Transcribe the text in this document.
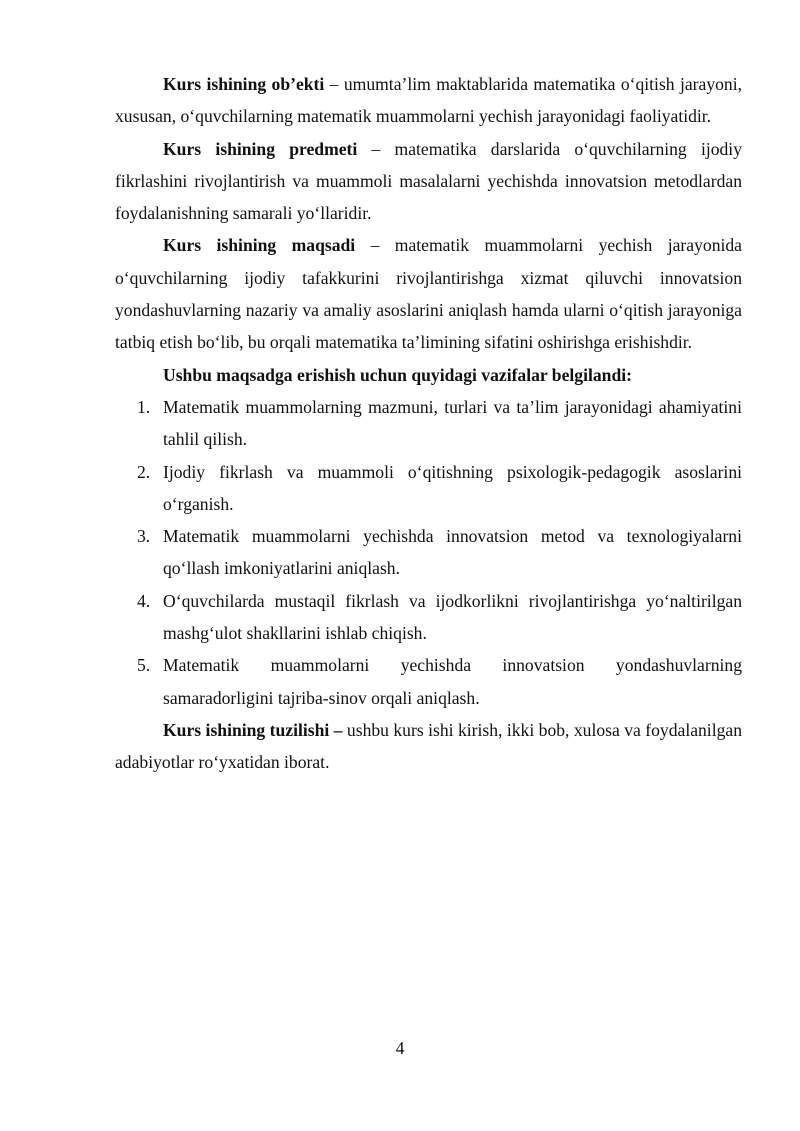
Kurs ishining ob’ekti – umumta’lim maktablarida matematika o‘qitish jarayoni, xususan, o‘quvchilarning matematik muammolarni yechish jarayonidagi faoliyatidir.

Kurs ishining predmeti – matematika darslarida o‘quvchilarning ijodiy fikrlashini rivojlantirish va muammoli masalalarni yechishda innovatsion metodlardan foydalanishning samarali yo‘llaridir.

Kurs ishining maqsadi – matematik muammolarni yechish jarayonida o‘quvchilarning ijodiy tafakkurini rivojlantirishga xizmat qiluvchi innovatsion yondashuvlarning nazariy va amaliy asoslarini aniqlash hamda ularni o‘qitish jarayoniga tatbiq etish bo‘lib, bu orqali matematika ta’limining sifatini oshirishga erishishdir.

Ushbu maqsadga erishish uchun quyidagi vazifalar belgilandi:

1. Matematik muammolarning mazmuni, turlari va ta’lim jarayonidagi ahamiyatini tahlil qilish.
2. Ijodiy fikrlash va muammoli o‘qitishning psixologik-pedagogik asoslarini o‘rganish.
3. Matematik muammolarni yechishda innovatsion metod va texnologiyalarni qo‘llash imkoniyatlarini aniqlash.
4. O‘quvchilarda mustaqil fikrlash va ijodkorlikni rivojlantirishga yo‘naltirilgan mashg‘ulot shakllarini ishlab chiqish.
5. Matematik muammolarni yechishda innovatsion yondashuvlarning samaradorligini tajriba-sinov orqali aniqlash.

Kurs ishining tuzilishi – ushbu kurs ishi kirish, ikki bob, xulosa va foydalanilgan adabiyotlar ro‘yxatidan iborat.

4
